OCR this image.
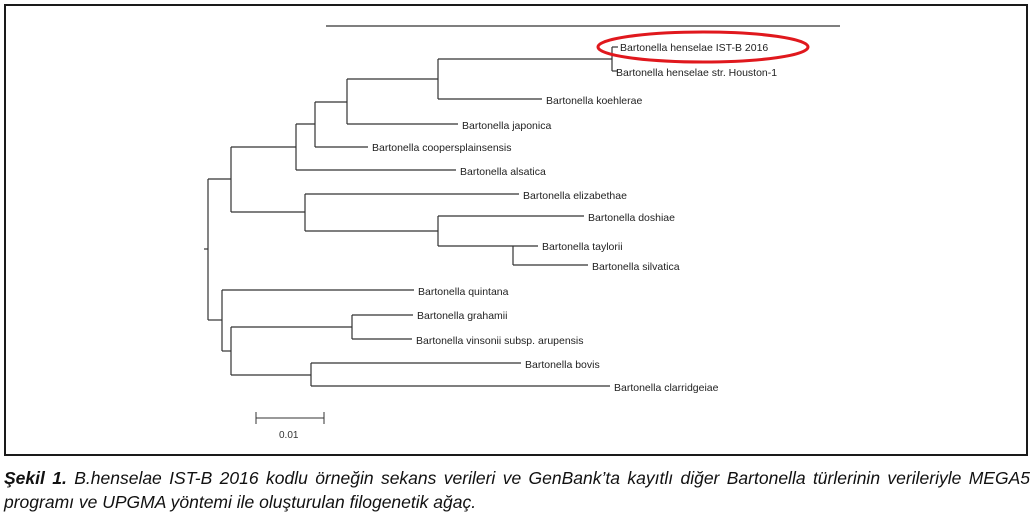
Bartonella henselae IST-B 2016
Bartonella henselae str. Houston-1
Bartonella koehlerae
Bartonella japonica
Bartonella coopersplainsensis
Bartonella alsatica
Bartonella elizabethae
Bartonella doshiae
Bartonella taylorii
Bartonella silvatica
Bartonella quintana
Bartonella grahamii
Bartonella vinsonii subsp. arupensis
Bartonella bovis
Bartonella clarridgeiae
0.01
Şekil 1. B.henselae IST-B 2016 kodlu örneğin sekans verileri ve GenBank’ta kayıtlı diğer Bartonella türlerinin verileriyle MEGA5 programı ve UPGMA yöntemi ile oluşturulan filogenetik ağaç.
